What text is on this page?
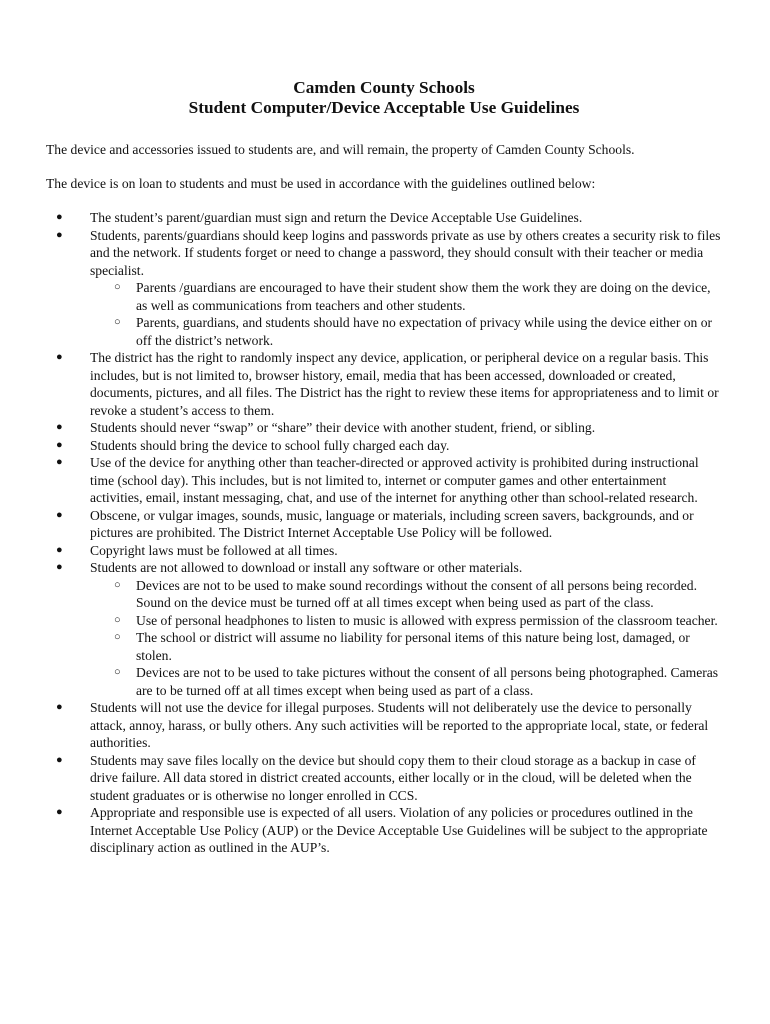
Camden County Schools

Student Computer/Device Acceptable Use Guidelines

The device and accessories issued to students are, and will remain, the property of Camden County Schools.

The device is on loan to students and must be used in accordance with the guidelines outlined below:

● The student’s parent/guardian must sign and return the Device Acceptable Use Guidelines.
● Students, parents/guardians should keep logins and passwords private as use by others creates a security risk to files and the network. If students forget or need to change a password, they should consult with their teacher or media specialist.
○ Parents /guardians are encouraged to have their student show them the work they are doing on the device, as well as communications from teachers and other students.
○ Parents, guardians, and students should have no expectation of privacy while using the device either on or off the district’s network.
● The district has the right to randomly inspect any device, application, or peripheral device on a regular basis. This includes, but is not limited to, browser history, email, media that has been accessed, downloaded or created, documents, pictures, and all files. The District has the right to review these items for appropriateness and to limit or revoke a student’s access to them.
● Students should never “swap” or “share” their device with another student, friend, or sibling.
● Students should bring the device to school fully charged each day.
● Use of the device for anything other than teacher-directed or approved activity is prohibited during instructional time (school day). This includes, but is not limited to, internet or computer games and other entertainment activities, email, instant messaging, chat, and use of the internet for anything other than school-related research.
● Obscene, or vulgar images, sounds, music, language or materials, including screen savers, backgrounds, and or pictures are prohibited. The District Internet Acceptable Use Policy will be followed.
● Copyright laws must be followed at all times.
● Students are not allowed to download or install any software or other materials.
○ Devices are not to be used to make sound recordings without the consent of all persons being recorded. Sound on the device must be turned off at all times except when being used as part of the class.
○ Use of personal headphones to listen to music is allowed with express permission of the classroom teacher.
○ The school or district will assume no liability for personal items of this nature being lost, damaged, or stolen.
○ Devices are not to be used to take pictures without the consent of all persons being photographed. Cameras are to be turned off at all times except when being used as part of a class.
● Students will not use the device for illegal purposes. Students will not deliberately use the device to personally attack, annoy, harass, or bully others. Any such activities will be reported to the appropriate local, state, or federal authorities.
● Students may save files locally on the device but should copy them to their cloud storage as a backup in case of drive failure. All data stored in district created accounts, either locally or in the cloud, will be deleted when the student graduates or is otherwise no longer enrolled in CCS.
● Appropriate and responsible use is expected of all users. Violation of any policies or procedures outlined in the Internet Acceptable Use Policy (AUP) or the Device Acceptable Use Guidelines will be subject to the appropriate disciplinary action as outlined in the AUP’s.
